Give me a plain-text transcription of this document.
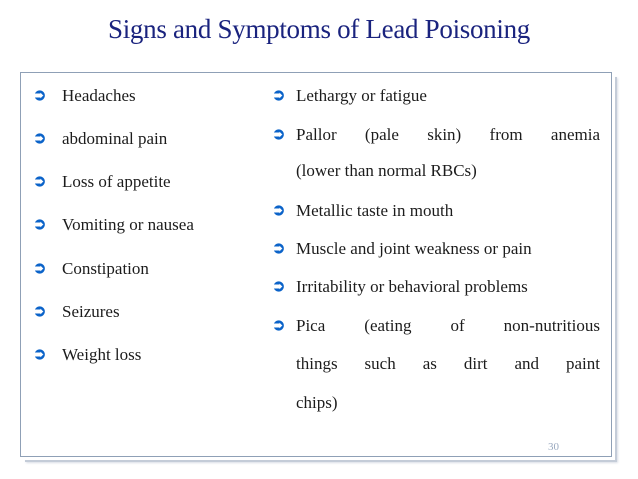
Signs and Symptoms of Lead Poisoning
➲ Headaches
➲ abdominal pain
➲ Loss of appetite
➲ Vomiting or nausea
➲ Constipation
➲ Seizures
➲ Weight loss
➲ Lethargy or fatigue
➲ Pallor (pale skin) from anemia
(lower than normal RBCs)
➲ Metallic taste in mouth
➲ Muscle and joint weakness or pain
➲ Irritability or behavioral problems
➲ Pica (eating of non-nutritious
things such as dirt and paint
chips)
30
